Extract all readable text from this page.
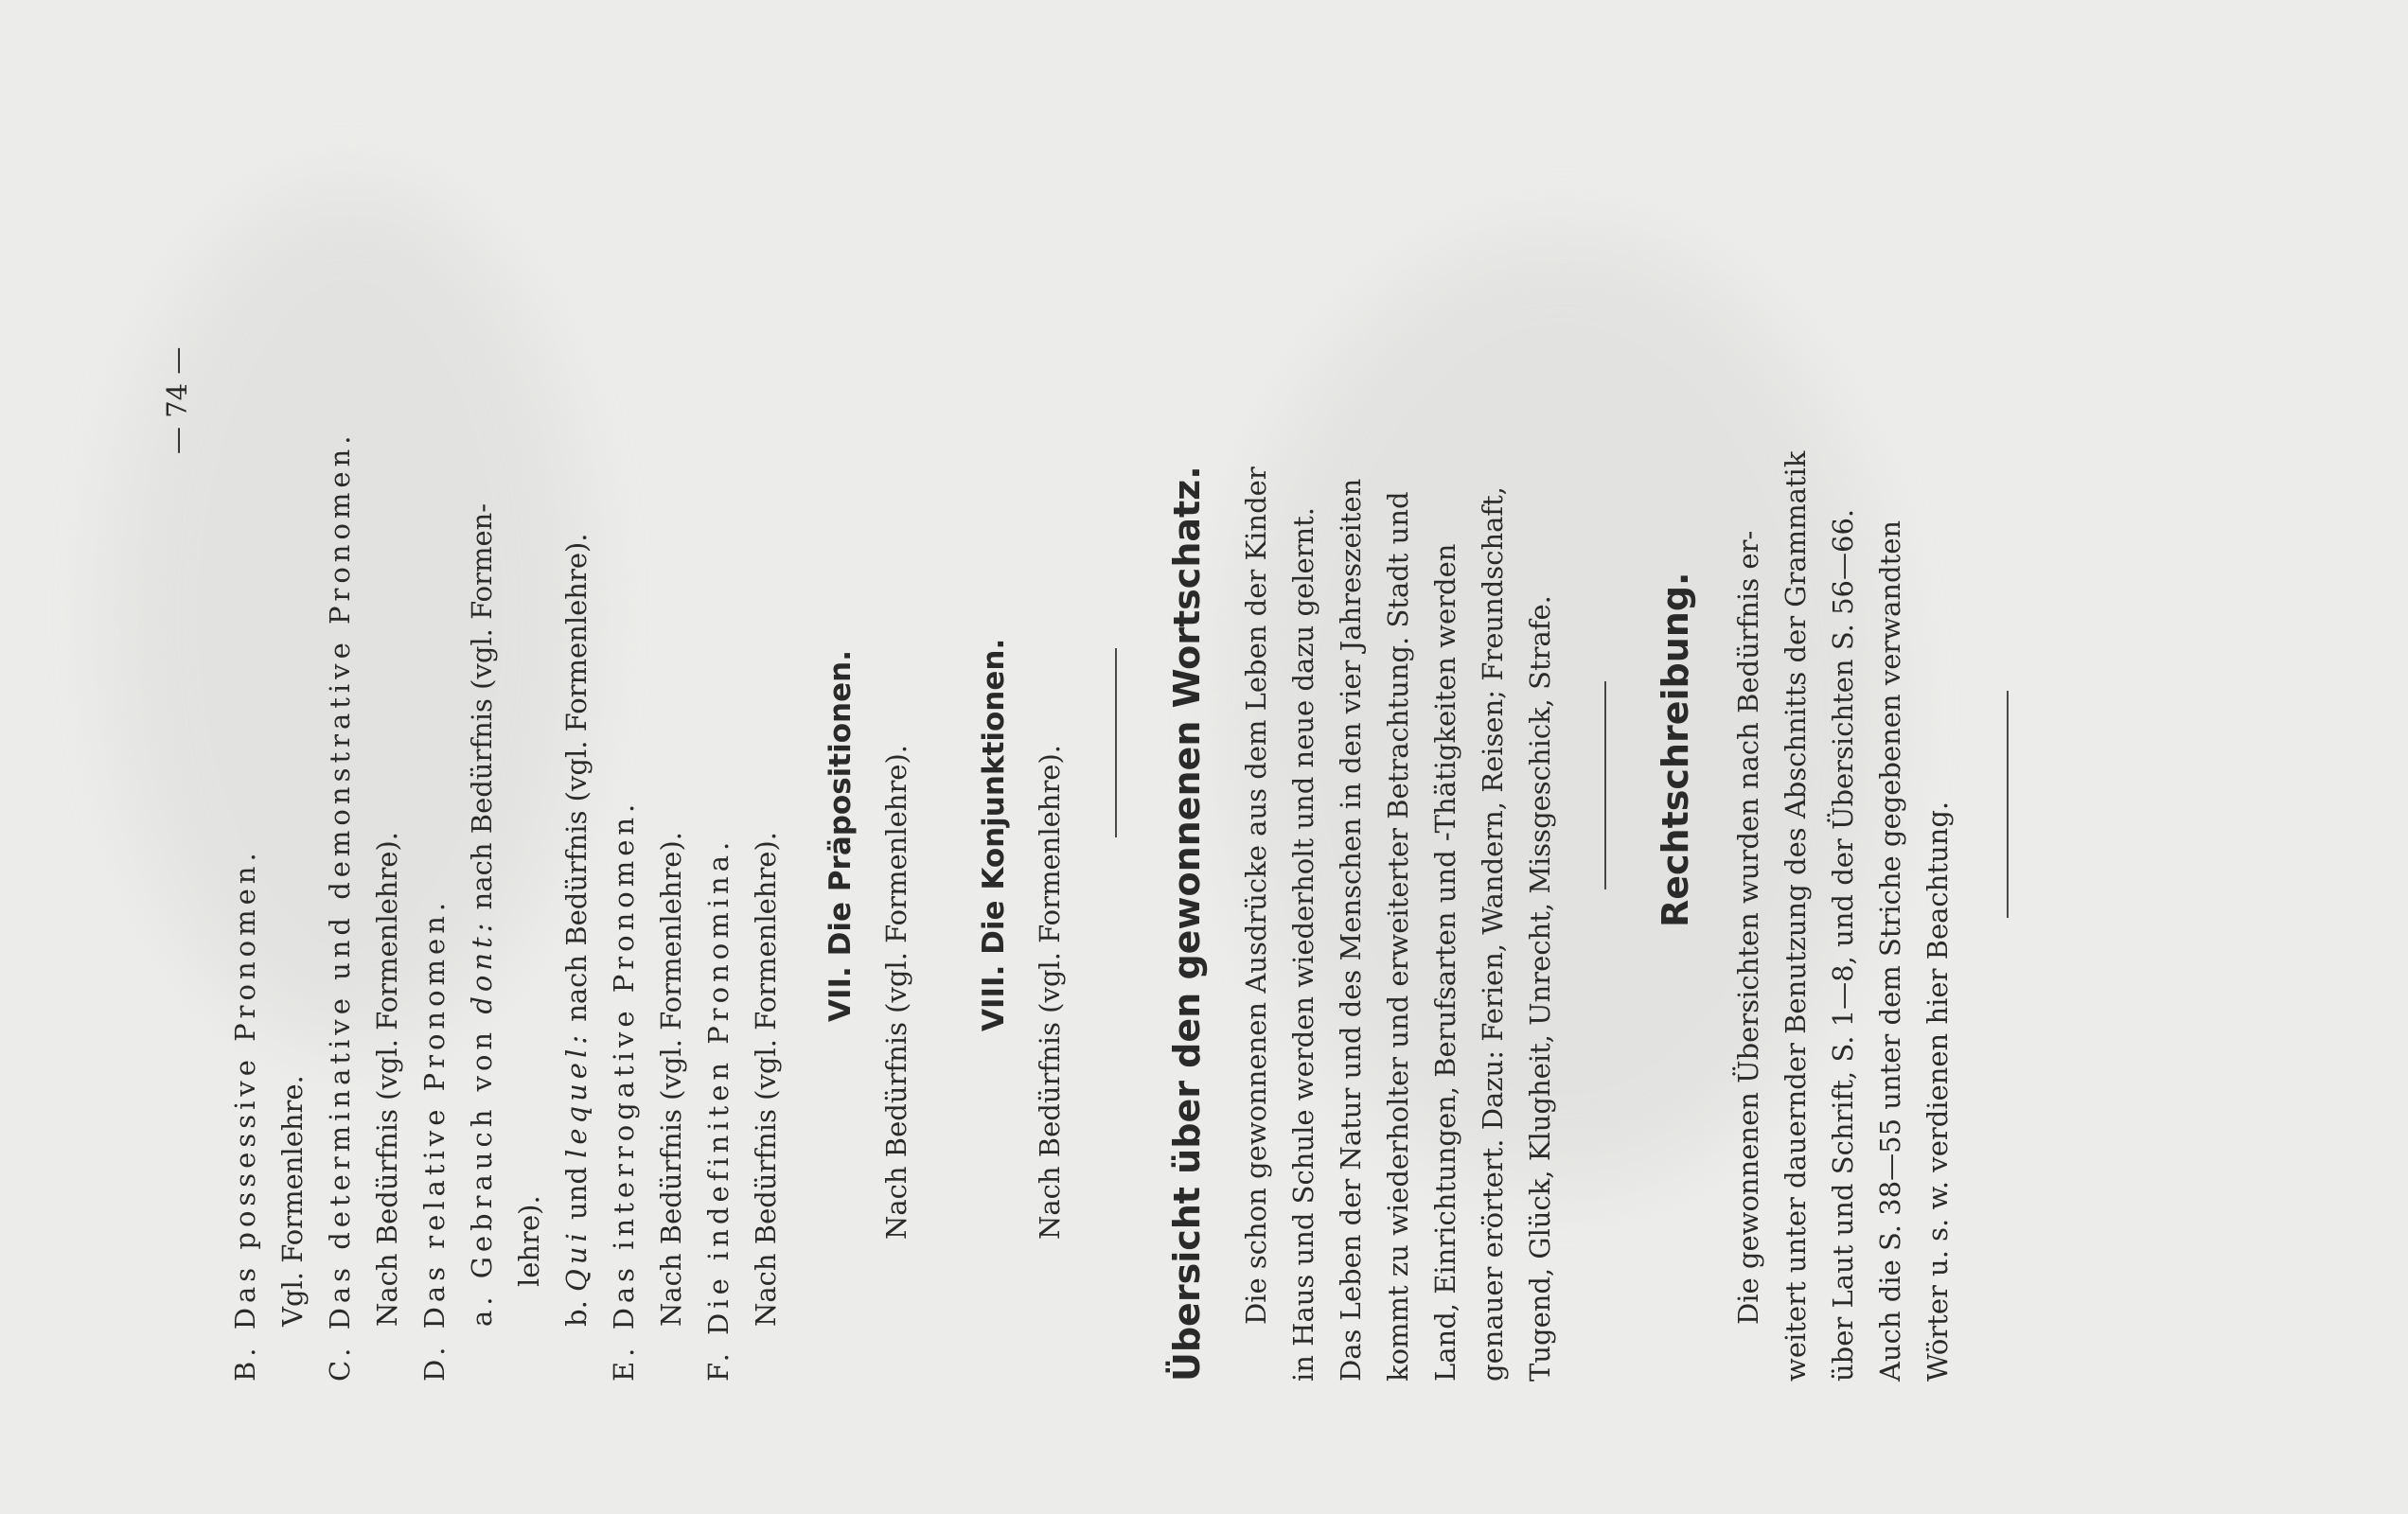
— 74 —
B. Das possessive Pronomen. Vgl. Formenlehre. C. Das determinative und demonstrative Pronomen. Nach Bedürfnis (vgl. Formenlehre). D. Das relative Pronomen. a. Gebrauch von dont: nach Bedürfnis (vgl. Formen-
lehre).
b. Qui und lequel: nach Bedürfnis (vgl. Formenlehre).
E. Das interrogative Pronomen. Nach Bedürfnis (vgl. Formenlehre). F. Die indefiniten Pronomina. Nach Bedürfnis (vgl. Formenlehre). VII. Die Präpositionen. Nach Bedürfnis (vgl. Formenlehre). VIII. Die Konjunktionen. Nach Bedürfnis (vgl. Formenlehre).	Übersicht über den gewonnenen Wortschatz. Die schon gewonnenen Ausdrücke aus dem Leben der Kinder in Haus und Schule werden wiederholt und neue dazu gelernt. Das Leben der Natur und des Menschen in den vier Jahreszeiten kommt zu wiederholter und erweiterter Betrachtung. Stadt und Land, Einrichtungen, Berufsarten und -Thätigkeiten werden genauer erörtert. Dazu: Ferien, Wandern, Reisen; Freundschaft, Tugend, Glück, Klugheit, Unrecht, Missgeschick, Strafe.	Rechtschreibung. Die gewonnenen Übersichten wurden nach Bedürfnis er- weitert unter dauernder Benutzung des Abschnitts der Grammatik über Laut und Schrift, S. 1—8, und der Übersichten S. 56—66. Auch die S. 38—55 unter dem Striche gegebenen verwandten Wörter u. s. w. verdienen hier Beachtung.
